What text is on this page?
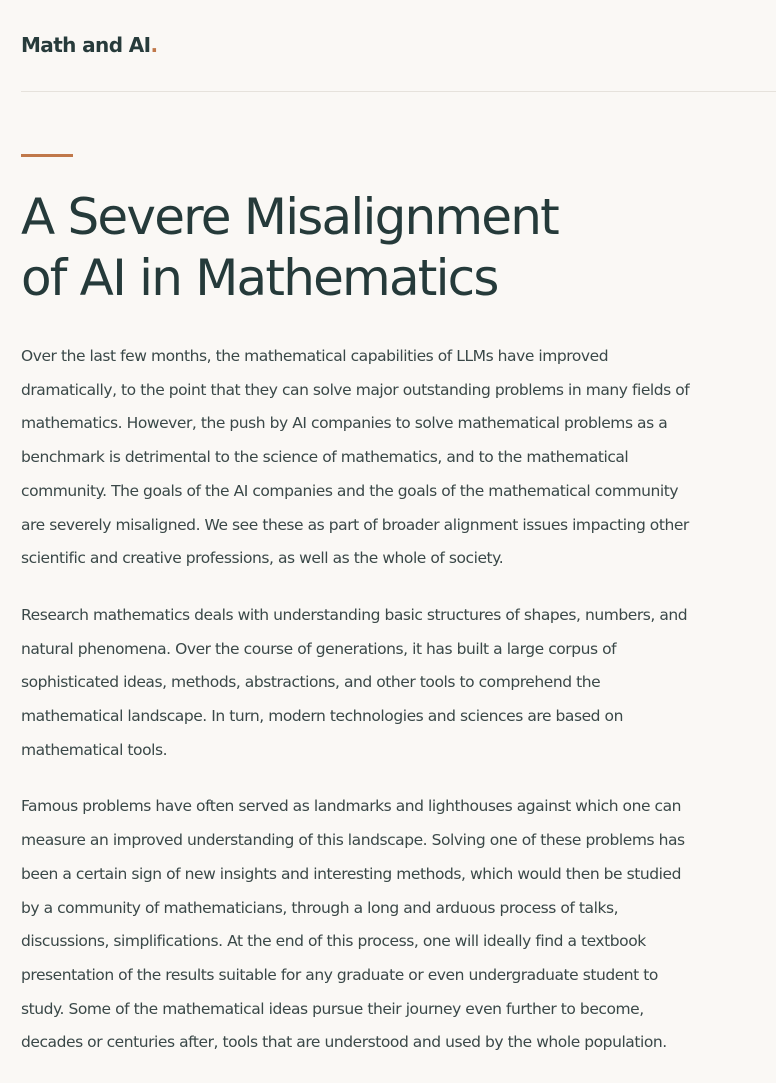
Math and AI.
A Severe Misalignment
of AI in Mathematics

Over the last few months, the mathematical capabilities of LLMs have improved
dramatically, to the point that they can solve major outstanding problems in many fields of
mathematics. However, the push by AI companies to solve mathematical problems as a
benchmark is detrimental to the science of mathematics, and to the mathematical
community. The goals of the AI companies and the goals of the mathematical community
are severely misaligned. We see these as part of broader alignment issues impacting other
scientific and creative professions, as well as the whole of society.

Research mathematics deals with understanding basic structures of shapes, numbers, and
natural phenomena. Over the course of generations, it has built a large corpus of
sophisticated ideas, methods, abstractions, and other tools to comprehend the
mathematical landscape. In turn, modern technologies and sciences are based on
mathematical tools.

Famous problems have often served as landmarks and lighthouses against which one can
measure an improved understanding of this landscape. Solving one of these problems has
been a certain sign of new insights and interesting methods, which would then be studied
by a community of mathematicians, through a long and arduous process of talks,
discussions, simplifications. At the end of this process, one will ideally find a textbook
presentation of the results suitable for any graduate or even undergraduate student to
study. Some of the mathematical ideas pursue their journey even further to become,
decades or centuries after, tools that are understood and used by the whole population.
